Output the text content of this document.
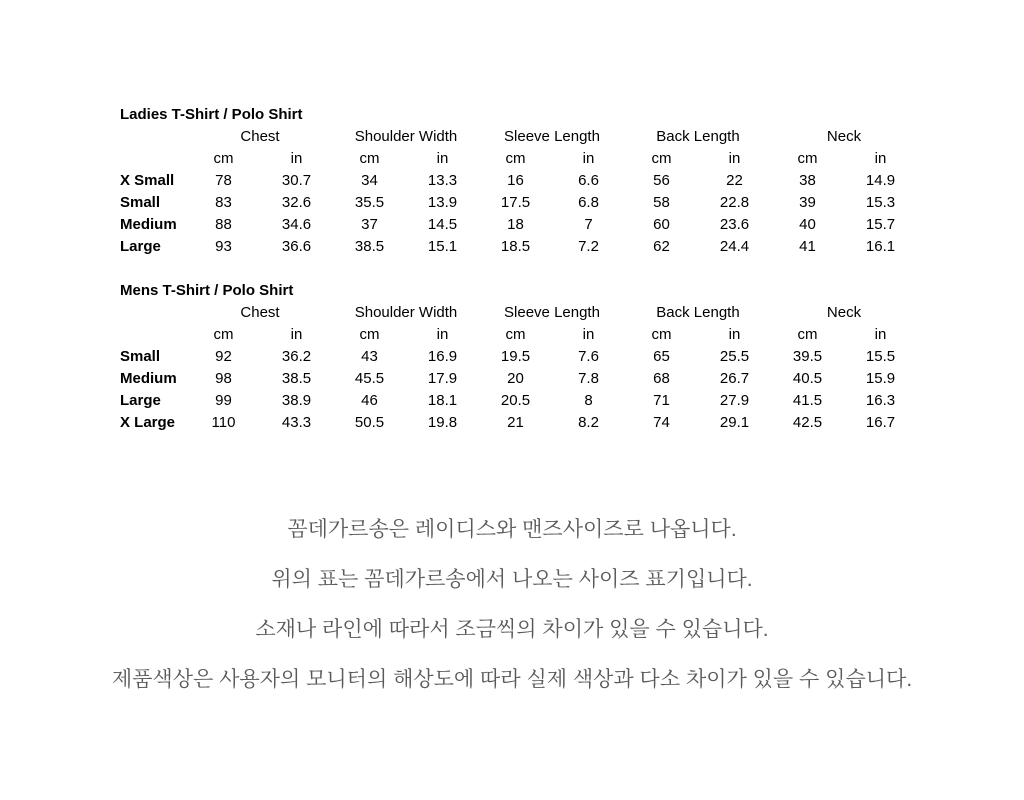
Ladies T-Shirt / Polo Shirt
	Chest		Shoulder Width		Sleeve Length		Back Length		Neck	
	cm	in	cm	in	cm	in	cm	in	cm	in
X Small	78	30.7	34	13.3	16	6.6	56	22	38	14.9
Small	83	32.6	35.5	13.9	17.5	6.8	58	22.8	39	15.3
Medium	88	34.6	37	14.5	18	7	60	23.6	40	15.7
Large	93	36.6	38.5	15.1	18.5	7.2	62	24.4	41	16.1
Mens T-Shirt / Polo Shirt
	Chest		Shoulder Width		Sleeve Length		Back Length		Neck	
	cm	in	cm	in	cm	in	cm	in	cm	in
Small	92	36.2	43	16.9	19.5	7.6	65	25.5	39.5	15.5
Medium	98	38.5	45.5	17.9	20	7.8	68	26.7	40.5	15.9
Large	99	38.9	46	18.1	20.5	8	71	27.9	41.5	16.3
X Large	110	43.3	50.5	19.8	21	8.2	74	29.1	42.5	16.7
꼼데가르송은 레이디스와 맨즈사이즈로 나옵니다.
위의 표는 꼼데가르송에서 나오는 사이즈 표기입니다.
소재나 라인에 따라서 조금씩의 차이가 있을 수 있습니다.
제품색상은 사용자의 모니터의 해상도에 따라 실제 색상과 다소 차이가 있을 수 있습니다.
